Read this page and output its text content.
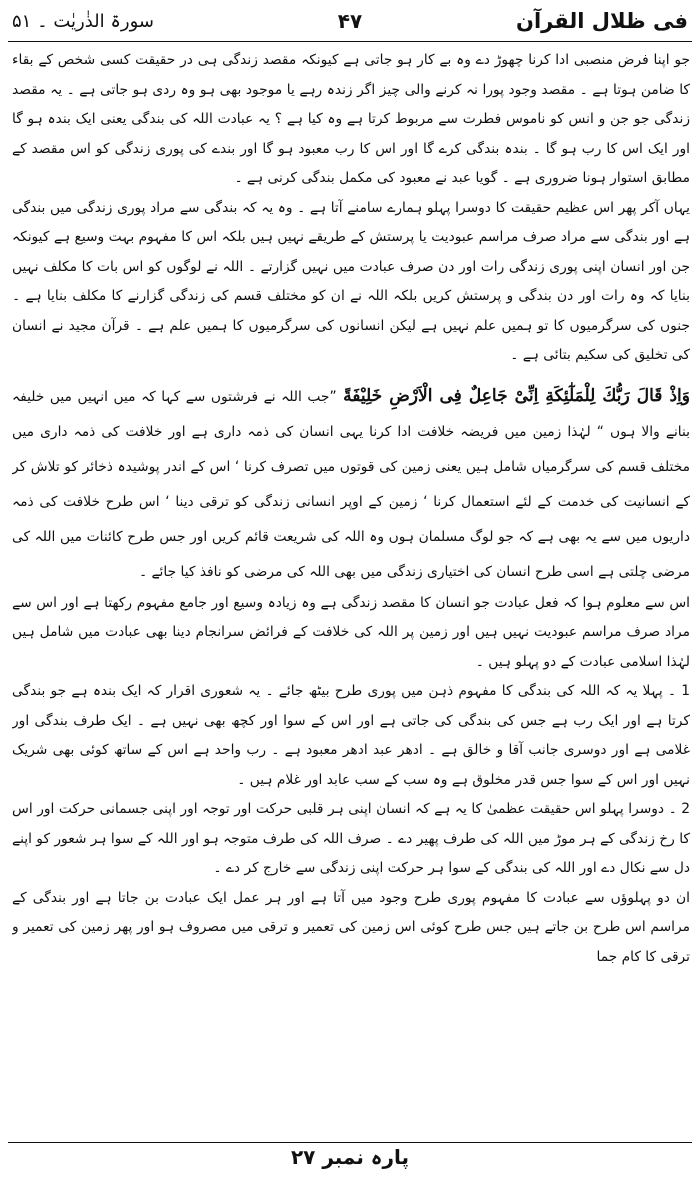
سورۃ الذٰریٰت ۔ ۵۱	۴۷	فی ظلال القرآن

جو اپنا فرض منصبی ادا کرنا چھوڑ دے وہ بے کار ہو جاتی ہے کیونکہ مقصد زندگی ہی در حقیقت کسی شخص کے بقاء کا ضامن ہوتا ہے ۔ مقصد وجود پورا نہ کرنے والی چیز اگر زندہ رہے یا موجود بھی ہو وہ ردی ہو جاتی ہے ۔ یہ مقصد زندگی جو جن و انس کو ناموس فطرت سے مربوط کرتا ہے وہ کیا ہے ؟ یہ عبادت اللہ کی بندگی یعنی ایک بندہ ہو گا اور ایک اس کا رب ہو گا ۔ بندہ بندگی کرے گا اور اس کا رب معبود ہو گا اور بندے کی پوری زندگی کو اس مقصد کے مطابق استوار ہونا ضروری ہے ۔ گویا عبد نے معبود کی مکمل بندگی کرنی ہے ۔

یہاں آکر پھر اس عظیم حقیقت کا دوسرا پہلو ہمارے سامنے آتا ہے ۔ وہ یہ کہ بندگی سے مراد پوری زندگی میں بندگی ہے اور بندگی سے مراد صرف مراسم عبودیت یا پرستش کے طریقے نہیں ہیں بلکہ اس کا مفہوم بہت وسیع ہے کیونکہ جن اور انسان اپنی پوری زندگی رات اور دن صرف عبادت میں نہیں گزارتے ۔ اللہ نے لوگوں کو اس بات کا مکلف نہیں بنایا کہ وہ رات اور دن بندگی و پرستش کریں بلکہ اللہ نے ان کو مختلف قسم کی زندگی گزارنے کا مکلف بنایا ہے ۔ جنوں کی سرگرمیوں کا تو ہمیں علم نہیں ہے لیکن انسانوں کی سرگرمیوں کا ہمیں علم ہے ۔ قرآن مجید نے انسان کی تخلیق کی سکیم بتائی ہے ۔

وَاِذْ قَالَ رَبُّكَ لِلْمَلٰٓئِكَةِ اِنِّىْ جَاعِلٌ فِى الْاَرْضِ خَلِيْفَةً ”جب اللہ نے فرشتوں سے کہا کہ میں انہیں میں خلیفہ بنانے والا ہوں “ لہٰذا زمین میں فریضہ خلافت ادا کرنا یہی انسان کی ذمہ داری ہے اور خلافت کی ذمہ داری میں مختلف قسم کی سرگرمیاں شامل ہیں یعنی زمین کی قوتوں میں تصرف کرنا ‘ اس کے اندر پوشیدہ ذخائر کو تلاش کر کے انسانیت کی خدمت کے لئے استعمال کرنا ‘ زمین کے اوپر انسانی زندگی کو ترقی دینا ‘ اس طرح خلافت کی ذمہ داریوں میں سے یہ بھی ہے کہ جو لوگ مسلمان ہوں وہ اللہ کی شریعت قائم کریں اور جس طرح کائنات میں اللہ کی مرضی چلتی ہے اسی طرح انسان کی اختیاری زندگی میں بھی اللہ کی مرضی کو نافذ کیا جائے ۔

اس سے معلوم ہوا کہ فعل عبادت جو انسان کا مقصد زندگی ہے وہ زیادہ وسیع اور جامع مفہوم رکھتا ہے اور اس سے مراد صرف مراسم عبودیت نہیں ہیں اور زمین پر اللہ کی خلافت کے فرائض سرانجام دینا بھی عبادت میں شامل ہیں لہٰذا اسلامی عبادت کے دو پہلو ہیں ۔

1 ۔ پہلا یہ کہ اللہ کی بندگی کا مفہوم ذہن میں پوری طرح بیٹھ جائے ۔ یہ شعوری اقرار کہ ایک بندہ ہے جو بندگی کرتا ہے اور ایک رب ہے جس کی بندگی کی جاتی ہے اور اس کے سوا اور کچھ بھی نہیں ہے ۔ ایک طرف بندگی اور غلامی ہے اور دوسری جانب آقا و خالق ہے ۔ ادھر عبد ادھر معبود ہے ۔ رب واحد ہے اس کے ساتھ کوئی بھی شریک نہیں اور اس کے سوا جس قدر مخلوق ہے وہ سب کے سب عابد اور غلام ہیں ۔

2 ۔ دوسرا پہلو اس حقیقت عظمیٰ کا یہ ہے کہ انسان اپنی ہر قلبی حرکت اور توجہ اور اپنی جسمانی حرکت اور اس کا رخ زندگی کے ہر موڑ میں اللہ کی طرف پھیر دے ۔ صرف اللہ کی طرف متوجہ ہو اور اللہ کے سوا ہر شعور کو اپنے دل سے نکال دے اور اللہ کی بندگی کے سوا ہر حرکت اپنی زندگی سے خارج کر دے ۔

ان دو پہلوؤں سے عبادت کا مفہوم پوری طرح وجود میں آتا ہے اور ہر عمل ایک عبادت بن جاتا ہے اور بندگی کے مراسم اس طرح بن جاتے ہیں جس طرح کوئی اس زمین کی تعمیر و ترقی میں مصروف ہو اور پھر زمین کی تعمیر و ترقی کا کام جما

پارہ نمبر ۲۷
